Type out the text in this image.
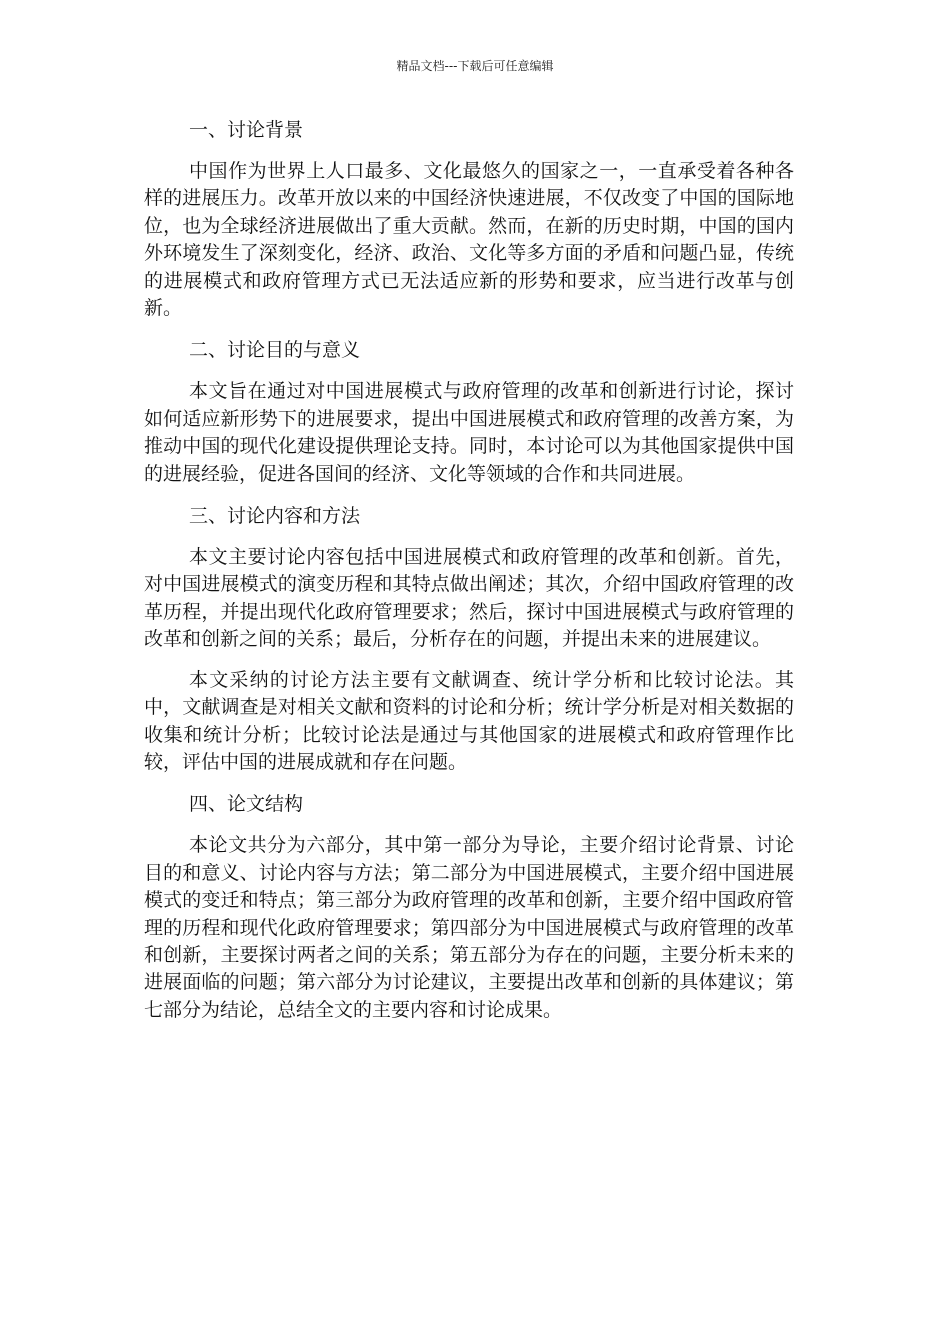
精品文档---下载后可任意编辑
一、讨论背景

中国作为世界上人口最多、文化最悠久的国家之一，一直承受着各种各样的进展压力。改革开放以来的中国经济快速进展，不仅改变了中国的国际地位，也为全球经济进展做出了重大贡献。然而，在新的历史时期，中国的国内外环境发生了深刻变化，经济、政治、文化等多方面的矛盾和问题凸显，传统的进展模式和政府管理方式已无法适应新的形势和要求，应当进行改革与创新。

二、讨论目的与意义

本文旨在通过对中国进展模式与政府管理的改革和创新进行讨论，探讨如何适应新形势下的进展要求，提出中国进展模式和政府管理的改善方案，为推动中国的现代化建设提供理论支持。同时，本讨论可以为其他国家提供中国的进展经验，促进各国间的经济、文化等领域的合作和共同进展。

三、讨论内容和方法

本文主要讨论内容包括中国进展模式和政府管理的改革和创新。首先，对中国进展模式的演变历程和其特点做出阐述；其次，介绍中国政府管理的改革历程，并提出现代化政府管理要求；然后，探讨中国进展模式与政府管理的改革和创新之间的关系；最后，分析存在的问题，并提出未来的进展建议。

本文采纳的讨论方法主要有文献调查、统计学分析和比较讨论法。其中，文献调查是对相关文献和资料的讨论和分析；统计学分析是对相关数据的收集和统计分析；比较讨论法是通过与其他国家的进展模式和政府管理作比较，评估中国的进展成就和存在问题。

四、论文结构

本论文共分为六部分，其中第一部分为导论，主要介绍讨论背景、讨论目的和意义、讨论内容与方法；第二部分为中国进展模式，主要介绍中国进展模式的变迁和特点；第三部分为政府管理的改革和创新，主要介绍中国政府管理的历程和现代化政府管理要求；第四部分为中国进展模式与政府管理的改革和创新，主要探讨两者之间的关系；第五部分为存在的问题，主要分析未来的进展面临的问题；第六部分为讨论建议，主要提出改革和创新的具体建议；第七部分为结论，总结全文的主要内容和讨论成果。
